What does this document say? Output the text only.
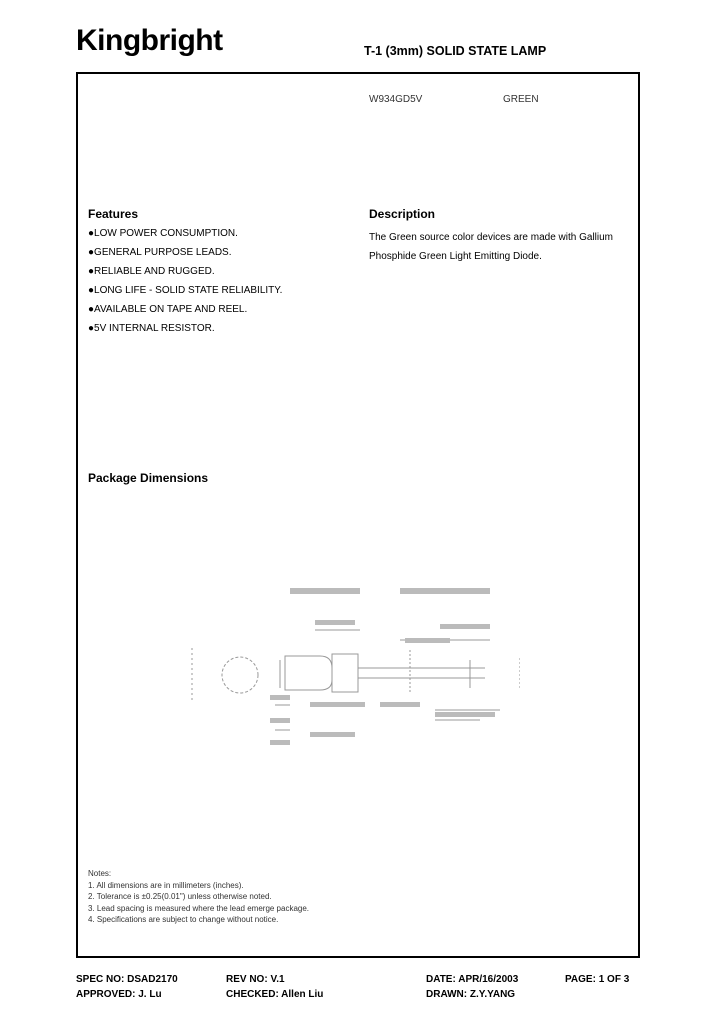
Kingbright	T-1 (3mm) SOLID STATE LAMP
W934GD5V	GREEN
Features
●LOW POWER CONSUMPTION.
●GENERAL PURPOSE LEADS.
●RELIABLE AND RUGGED.
●LONG LIFE - SOLID STATE RELIABILITY.
●AVAILABLE ON TAPE AND REEL.
●5V INTERNAL RESISTOR.
Description
The Green source color devices are made with Gallium Phosphide Green Light Emitting Diode.
Package Dimensions
Notes:
1. All dimensions are in millimeters (inches).
2. Tolerance is ±0.25(0.01") unless otherwise noted.
3. Lead spacing is measured where the lead emerge package.
4. Specifications are subject to change without notice.
SPEC NO: DSAD2170	REV NO: V.1	DATE: APR/16/2003	PAGE: 1 OF 3
APPROVED: J. Lu	CHECKED: Allen Liu	DRAWN: Z.Y.YANG
